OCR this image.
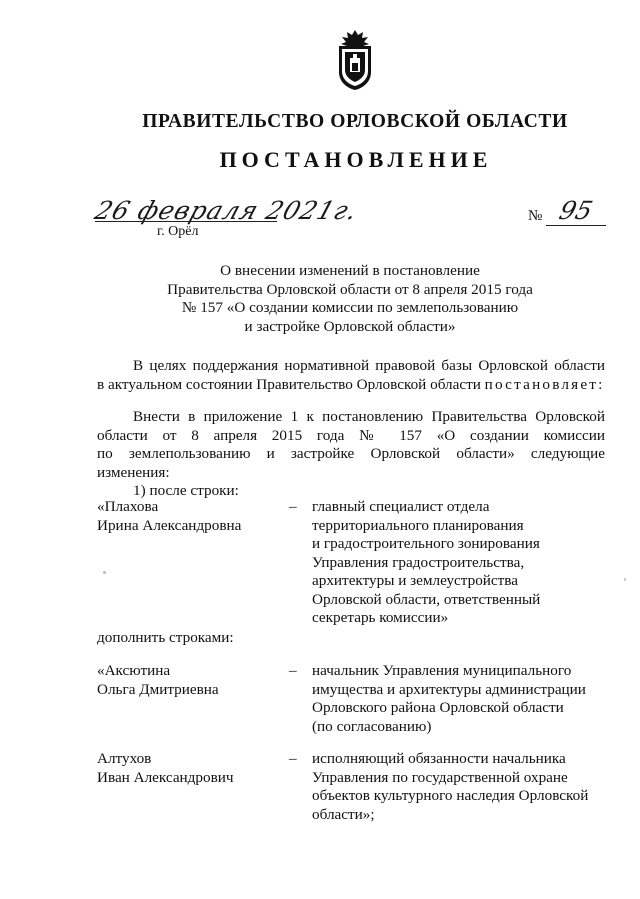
ПРАВИТЕЛЬСТВО ОРЛОВСКОЙ ОБЛАСТИ
ПОСТАНОВЛЕНИЕ
26 февраля 2021г.
г. Орёл
№ 95
О внесении изменений в постановление
Правительства Орловской области от 8 апреля 2015 года
№ 157 «О создании комиссии по землепользованию
и застройке Орловской области»
В целях поддержания нормативной правовой базы Орловской области
в актуальном состоянии Правительство Орловской области постановляет:
Внести в приложение 1 к постановлению Правительства Орловской
области от 8 апреля 2015 года № 157 «О создании комиссии
по землепользованию и застройке Орловской области» следующие изменения:
1) после строки:
«Плахова
Ирина Александровна
–	главный специалист отдела
территориального планирования
и градостроительного зонирования
Управления градостроительства,
архитектуры и землеустройства
Орловской области, ответственный
секретарь комиссии»
дополнить строками:
«Аксютина
Ольга Дмитриевна
–	начальник Управления муниципального
имущества и архитектуры администрации
Орловского района Орловской области
(по согласованию)
Алтухов
Иван Александрович
–	исполняющий обязанности начальника
Управления по государственной охране
объектов культурного наследия Орловской
области»;
